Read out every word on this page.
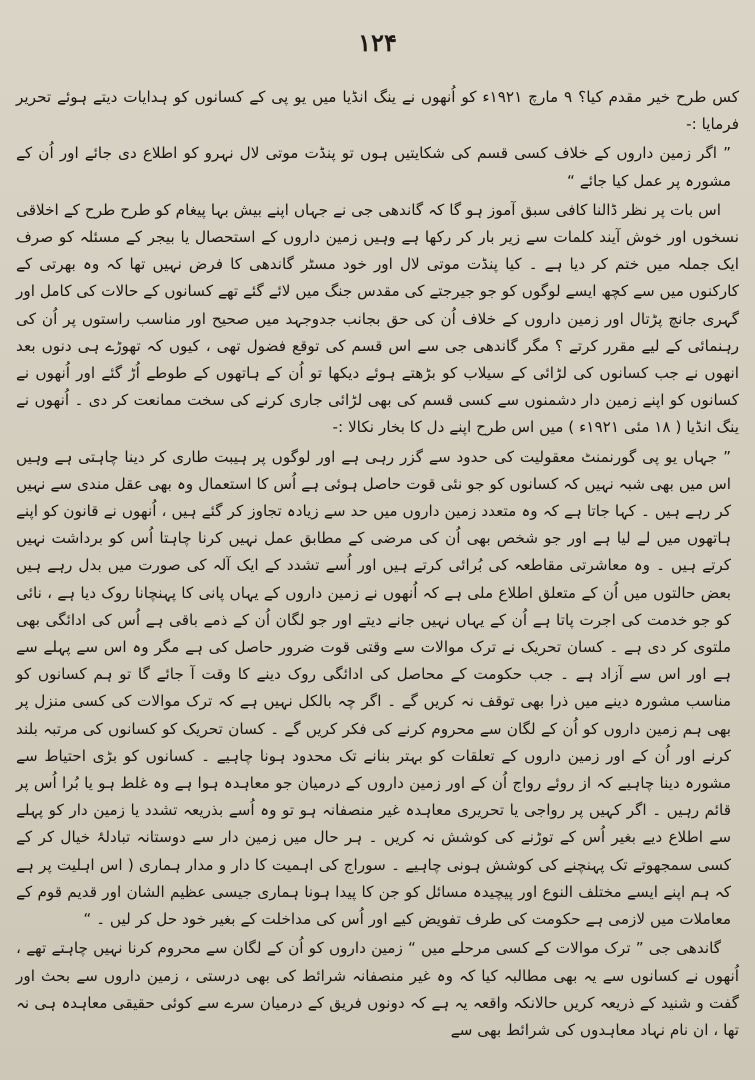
۱۲۴

کس طرح خیر مقدم کیا؟ ۹ مارچ ۱۹۲۱ء کو اُنھوں نے ینگ انڈیا میں یو پی کے کسانوں کو ہدایات دیتے ہوئے تحریر فرمایا :-

” اگر زمین داروں کے خلاف کسی قسم کی شکایتیں ہوں تو پنڈت موتی لال نہرو کو اطلاع دی جائے اور اُن کے مشورہ پر عمل کیا جائے “

اس بات پر نظر ڈالنا کافی سبق آموز ہو گا کہ گاندھی جی نے جہاں اپنے بیش بہا پیغام کو طرح طرح کے اخلاقی نسخوں اور خوش آیند کلمات سے زیر بار کر رکھا ہے وہیں زمین داروں کے استحصال یا بیجر کے مسئلہ کو صرف ایک جملہ میں ختم کر دیا ہے ۔ کیا پنڈت موتی لال اور خود مسٹر گاندھی کا فرض نہیں تھا کہ وہ بھرتی کے کارکنوں میں سے کچھ ایسے لوگوں کو جو جیرجتے کی مقدس جنگ میں لائے گئے تھے کسانوں کے حالات کی کامل اور گہری جانچ پڑتال اور زمین داروں کے خلاف اُن کی حق بجانب جدوجہد میں صحیح اور مناسب راستوں پر اُن کی رہنمائی کے لیے مقرر کرتے ؟ مگر گاندھی جی سے اس قسم کی توقع فضول تھی ، کیوں کہ تھوڑے ہی دنوں بعد انھوں نے جب کسانوں کی لڑائی کے سیلاب کو بڑھتے ہوئے دیکھا تو اُن کے ہاتھوں کے طوطے اُڑ گئے اور اُنھوں نے کسانوں کو اپنے زمین دار دشمنوں سے کسی قسم کی بھی لڑائی جاری کرنے کی سخت ممانعت کر دی ۔ اُنھوں نے ینگ انڈیا ( ۱۸ مئی ۱۹۲۱ء ) میں اس طرح اپنے دل کا بخار نکالا :-

” جہاں یو پی گورنمنٹ معقولیت کی حدود سے گزر رہی ہے اور لوگوں پر ہیبت طاری کر دینا چاہتی ہے وہیں اس میں بھی شبہ نہیں کہ کسانوں کو جو نئی قوت حاصل ہوئی ہے اُس کا استعمال وہ بھی عقل مندی سے نہیں کر رہے ہیں ۔ کہا جاتا ہے کہ وہ متعدد زمین داروں میں حد سے زیادہ تجاوز کر گئے ہیں ، اُنھوں نے قانون کو اپنے ہاتھوں میں لے لیا ہے اور جو شخص بھی اُن کی مرضی کے مطابق عمل نہیں کرنا چاہتا اُس کو برداشت نہیں کرتے ہیں ۔ وہ معاشرتی مقاطعہ کی بُرائی کرتے ہیں اور اُسے تشدد کے ایک آلہ کی صورت میں بدل رہے ہیں بعض حالتوں میں اُن کے متعلق اطلاع ملی ہے کہ اُنھوں نے زمین داروں کے یہاں پانی کا پہنچانا روک دیا ہے ، نائی کو جو خدمت کی اجرت پاتا ہے اُن کے یہاں نہیں جانے دیتے اور جو لگان اُن کے ذمے باقی ہے اُس کی ادائگی بھی ملتوی کر دی ہے ۔ کسان تحریک نے ترک موالات سے وقتی قوت ضرور حاصل کی ہے مگر وہ اس سے پہلے سے ہے اور اس سے آزاد ہے ۔ جب حکومت کے محاصل کی ادائگی روک دینے کا وقت آ جائے گا تو ہم کسانوں کو مناسب مشورہ دینے میں ذرا بھی توقف نہ کریں گے ۔ اگر چہ بالکل نہیں ہے کہ ترک موالات کی کسی منزل پر بھی ہم زمین داروں کو اُن کے لگان سے محروم کرنے کی فکر کریں گے ۔ کسان تحریک کو کسانوں کی مرتبہ بلند کرنے اور اُن کے اور زمین داروں کے تعلقات کو بہتر بنانے تک محدود ہونا چاہیے ۔ کسانوں کو بڑی احتیاط سے مشورہ دینا چاہیے کہ از روئے رواج اُن کے اور زمین داروں کے درمیان جو معاہدہ ہوا ہے وہ غلط ہو یا بُرا اُس پر قائم رہیں ۔ اگر کہیں پر رواجی یا تحریری معاہدہ غیر منصفانہ ہو تو وہ اُسے بذریعہ تشدد یا زمین دار کو پہلے سے اطلاع دیے بغیر اُس کے توڑنے کی کوشش نہ کریں ۔ ہر حال میں زمین دار سے دوستانہ تبادلۂ خیال کر کے کسی سمجھوتے تک پہنچنے کی کوشش ہونی چاہیے ۔ سوراج کی اہمیت کا دار و مدار ہماری ( اس اہلیت پر ہے کہ ہم اپنے ایسے مختلف النوع اور پیچیدہ مسائل کو جن کا پیدا ہونا ہماری جیسی عظیم الشان اور قدیم قوم کے معاملات میں لازمی ہے حکومت کی طرف تفویض کیے اور اُس کی مداخلت کے بغیر خود حل کر لیں ۔ “

گاندھی جی ” ترک موالات کے کسی مرحلے میں “ زمین داروں کو اُن کے لگان سے محروم کرنا نہیں چاہتے تھے ، اُنھوں نے کسانوں سے یہ بھی مطالبہ کیا کہ وہ غیر منصفانہ شرائط کی بھی درستی ، زمین داروں سے بحث اور گفت و شنید کے ذریعہ کریں حالانکہ واقعہ یہ ہے کہ دونوں فریق کے درمیان سرے سے کوئی حقیقی معاہدہ ہی نہ تھا ، ان نام نہاد معاہدوں کی شرائط بھی سے
